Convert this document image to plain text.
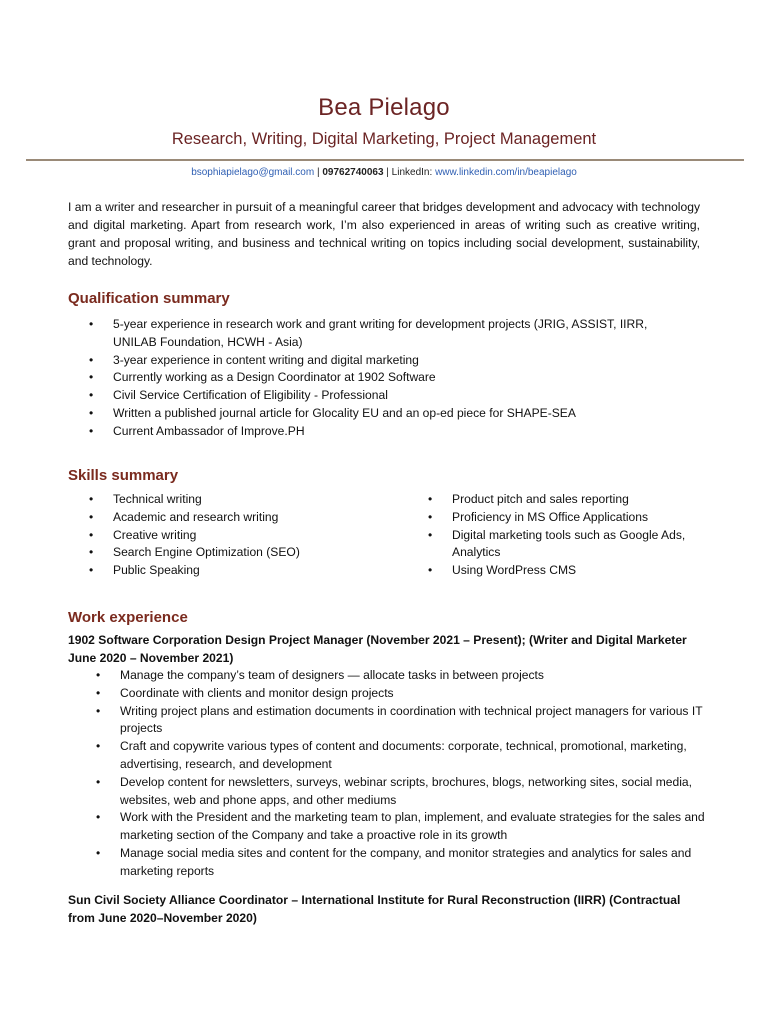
Bea Pielago
Research, Writing, Digital Marketing, Project Management
bsophiapielago@gmail.com | 09762740063 | LinkedIn: www.linkedin.com/in/beapielago
I am a writer and researcher in pursuit of a meaningful career that bridges development and advocacy with technology and digital marketing. Apart from research work, I’m also experienced in areas of writing such as creative writing, grant and proposal writing, and business and technical writing on topics including social development, sustainability, and technology.
Qualification summary
• 5-year experience in research work and grant writing for development projects (JRIG, ASSIST, IIRR, UNILAB Foundation, HCWH - Asia)
• 3-year experience in content writing and digital marketing
• Currently working as a Design Coordinator at 1902 Software
• Civil Service Certification of Eligibility - Professional
• Written a published journal article for Glocality EU and an op-ed piece for SHAPE-SEA
• Current Ambassador of Improve.PH
Skills summary
• Technical writing
• Academic and research writing
• Creative writing
• Search Engine Optimization (SEO)
• Public Speaking
• Product pitch and sales reporting
• Proficiency in MS Office Applications
• Digital marketing tools such as Google Ads, Analytics
• Using WordPress CMS
Work experience
1902 Software Corporation Design Project Manager (November 2021 – Present); (Writer and Digital Marketer June 2020 – November 2021)
• Manage the company’s team of designers — allocate tasks in between projects
• Coordinate with clients and monitor design projects
• Writing project plans and estimation documents in coordination with technical project managers for various IT projects
• Craft and copywrite various types of content and documents: corporate, technical, promotional, marketing, advertising, research, and development
• Develop content for newsletters, surveys, webinar scripts, brochures, blogs, networking sites, social media, websites, web and phone apps, and other mediums
• Work with the President and the marketing team to plan, implement, and evaluate strategies for the sales and marketing section of the Company and take a proactive role in its growth
• Manage social media sites and content for the company, and monitor strategies and analytics for sales and marketing reports
Sun Civil Society Alliance Coordinator – International Institute for Rural Reconstruction (IIRR) (Contractual from June 2020–November 2020)
